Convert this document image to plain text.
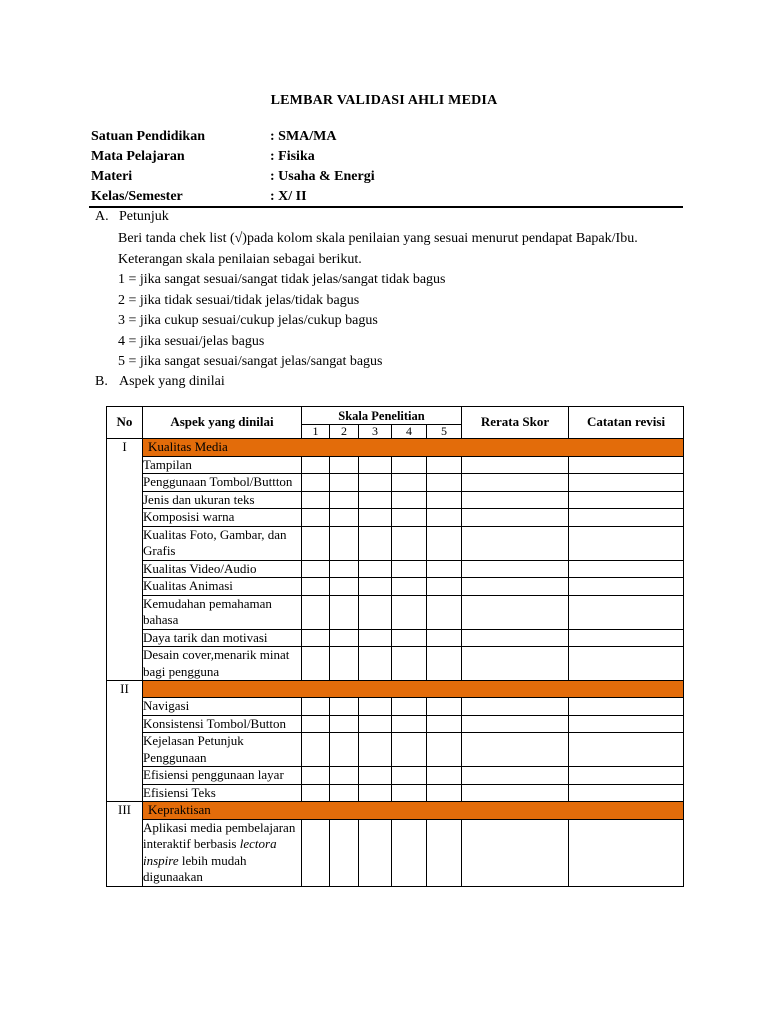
LEMBAR VALIDASI AHLI MEDIA
Satuan Pendidikan	: SMA/MA
Mata Pelajaran	: Fisika
Materi	: Usaha & Energi
Kelas/Semester	: X/ II
A. Petunjuk
Beri tanda chek list (√)pada kolom skala penilaian yang sesuai menurut pendapat Bapak/Ibu.
Keterangan skala penilaian sebagai berikut.
1 = jika sangat sesuai/sangat tidak jelas/sangat tidak bagus
2 = jika tidak sesuai/tidak jelas/tidak bagus
3 = jika cukup sesuai/cukup jelas/cukup bagus
4 = jika sesuai/jelas bagus
5 = jika sangat sesuai/sangat jelas/sangat bagus
B. Aspek yang dinilai
No	Aspek yang dinilai	Skala Penelitian					Rerata Skor	Catatan revisi
		1	2	3	4	5		
I	Kualitas Media							
	Tampilan							
	Penggunaan Tombol/Buttton							
	Jenis dan ukuran teks							
	Komposisi warna							
	Kualitas Foto, Gambar, dan Grafis							
	Kualitas Video/Audio							
	Kualitas Animasi							
	Kemudahan pemahaman bahasa							
	Daya tarik dan motivasi							
	Desain cover,menarik minat bagi pengguna							
II								
	Navigasi							
	Konsistensi Tombol/Button							
	Kejelasan Petunjuk Penggunaan							
	Efisiensi penggunaan layar							
	Efisiensi Teks							
III	Kepraktisan							
	Aplikasi media pembelajaran interaktif berbasis lectora inspire lebih mudah digunaakan							
